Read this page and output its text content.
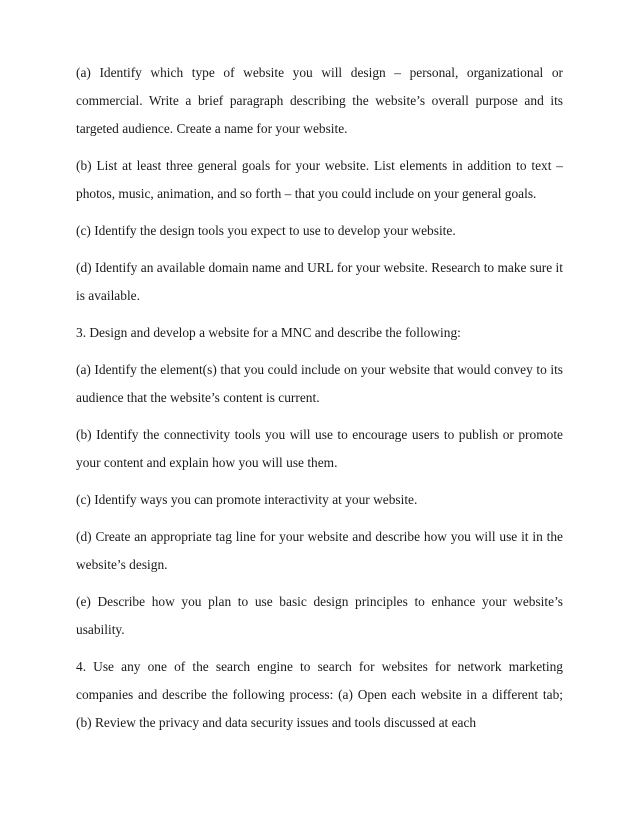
(a) Identify which type of website you will design – personal, organizational or commercial. Write a brief paragraph describing the website’s overall purpose and its targeted audience. Create a name for your website.

(b) List at least three general goals for your website. List elements in addition to text – photos, music, animation, and so forth – that you could include on your general goals.

(c) Identify the design tools you expect to use to develop your website.

(d) Identify an available domain name and URL for your website. Research to make sure it is available.

3. Design and develop a website for a MNC and describe the following:

(a) Identify the element(s) that you could include on your website that would convey to its audience that the website’s content is current.

(b) Identify the connectivity tools you will use to encourage users to publish or promote your content and explain how you will use them.

(c) Identify ways you can promote interactivity at your website.

(d) Create an appropriate tag line for your website and describe how you will use it in the website’s design.

(e) Describe how you plan to use basic design principles to enhance your website’s usability.

4. Use any one of the search engine to search for websites for network marketing companies and describe the following process: (a) Open each website in a different tab; (b) Review the privacy and data security issues and tools discussed at each
